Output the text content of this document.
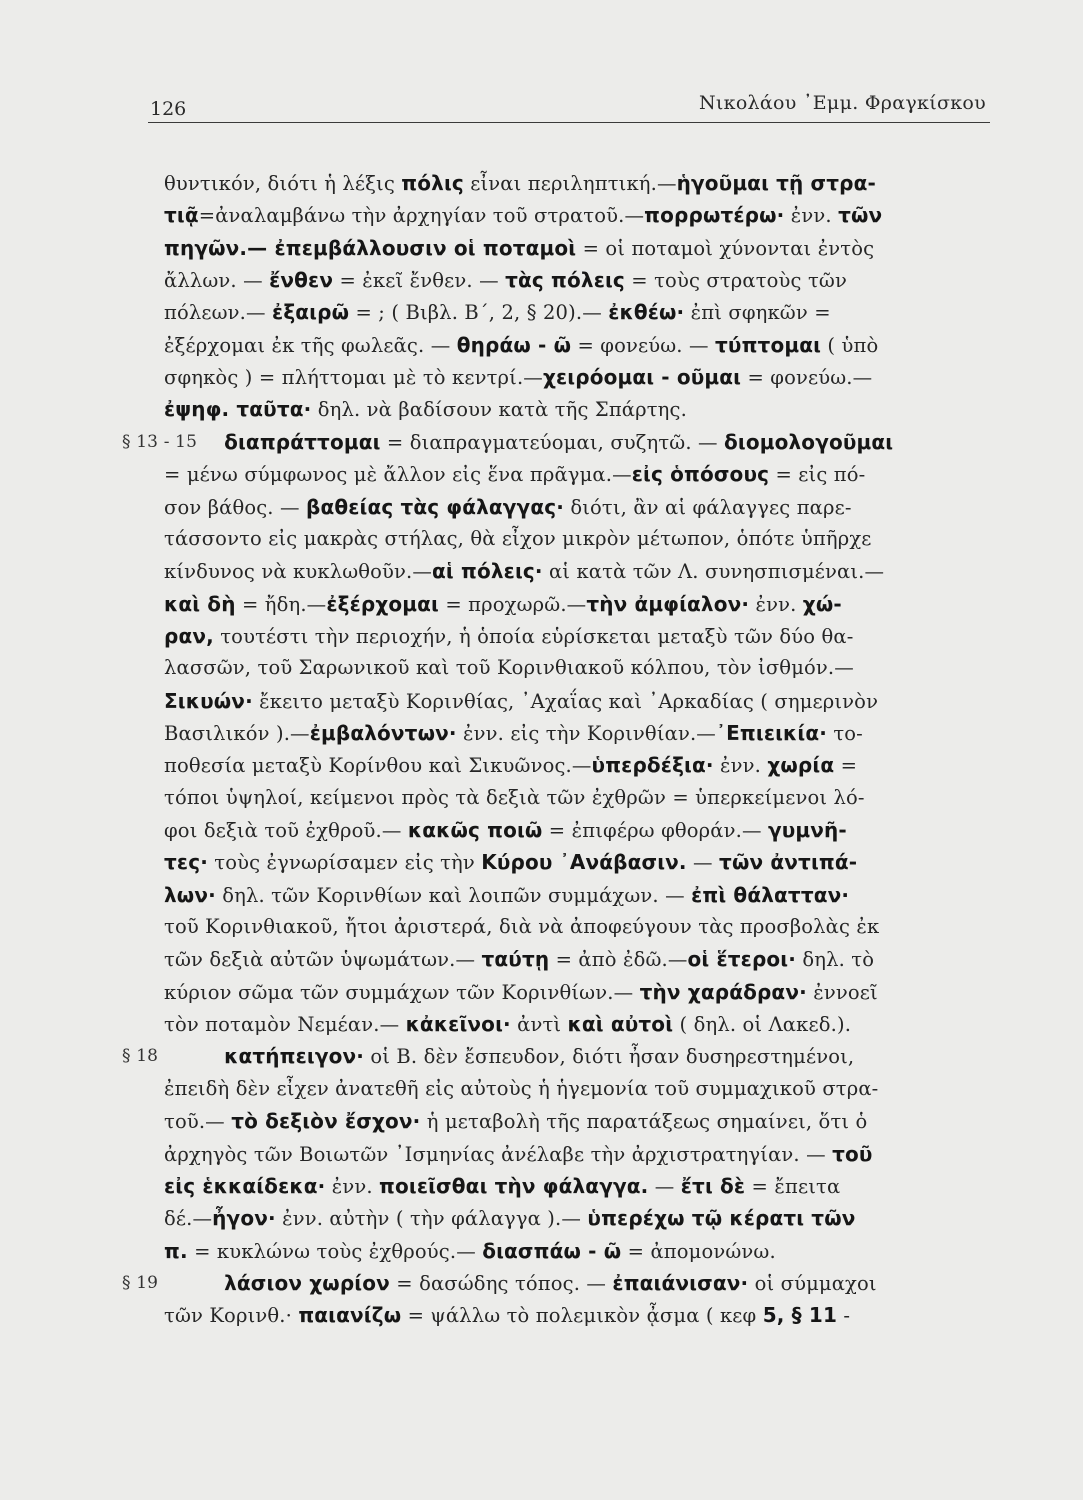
126	Νικολάου ᾿Εμμ. Φραγκίσκου
θυντικόν, διότι ἡ λέξις πόλις εἶναι περιληπτική.—ἡγοῦμαι τῇ στρα-
τιᾷ=ἀναλαμβάνω τὴν ἀρχηγίαν τοῦ στρατοῦ.—πορρωτέρω· ἐνν. τῶν
πηγῶν.— ἐπεμβάλλουσιν οἱ ποταμοὶ = οἱ ποταμοὶ χύνονται ἐντὸς
ἄλλων. — ἔνθεν = ἐκεῖ ἔνθεν. — τὰς πόλεις = τοὺς στρατοὺς τῶν
πόλεων.— ἐξαιρῶ = ; ( Βιβλ. Β΄, 2, § 20).— ἐκθέω· ἐπὶ σφηκῶν =
ἐξέρχομαι ἐκ τῆς φωλεᾶς. — θηράω - ῶ = φονεύω. — τύπτομαι ( ὑπὸ
σφηκὸς ) = πλήττομαι μὲ τὸ κεντρί.—χειρόομαι - οῦμαι = φονεύω.—
ἐψηφ. ταῦτα· δηλ. νὰ βαδίσουν κατὰ τῆς Σπάρτης.
§ 13 - 15 διαπράττομαι = διαπραγματεύομαι, συζητῶ. — διομολογοῦμαι
= μένω σύμφωνος μὲ ἄλλον εἰς ἕνα πρᾶγμα.—εἰς ὁπόσους = εἰς πό-
σον βάθος. — βαθείας τὰς φάλαγγας· διότι, ἂν αἱ φάλαγγες παρε-
τάσσοντο εἰς μακρὰς στήλας, θὰ εἶχον μικρὸν μέτωπον, ὁπότε ὑπῆρχε
κίνδυνος νὰ κυκλωθοῦν.—αἱ πόλεις· αἱ κατὰ τῶν Λ. συνησπισμέναι.—
καὶ δὴ = ἤδη.—ἐξέρχομαι = προχωρῶ.—τὴν ἀμφίαλον· ἐνν. χώ-
ραν, τουτέστι τὴν περιοχήν, ἡ ὁποία εὑρίσκεται μεταξὺ τῶν δύο θα-
λασσῶν, τοῦ Σαρωνικοῦ καὶ τοῦ Κορινθιακοῦ κόλπου, τὸν ἰσθμόν.—
Σικυών· ἔκειτο μεταξὺ Κορινθίας, ᾿Αχαΐας καὶ ᾿Αρκαδίας ( σημερινὸν
Βασιλικόν ).—ἐμβαλόντων· ἐνν. εἰς τὴν Κορινθίαν.—᾿Επιεικία· το-
ποθεσία μεταξὺ Κορίνθου καὶ Σικυῶνος.—ὑπερδέξια· ἐνν. χωρία =
τόποι ὑψηλοί, κείμενοι πρὸς τὰ δεξιὰ τῶν ἐχθρῶν = ὑπερκείμενοι λό-
φοι δεξιὰ τοῦ ἐχθροῦ.— κακῶς ποιῶ = ἐπιφέρω φθοράν.— γυμνῆ-
τες· τοὺς ἐγνωρίσαμεν εἰς τὴν Κύρου ᾿Ανάβασιν. — τῶν ἀντιπά-
λων· δηλ. τῶν Κορινθίων καὶ λοιπῶν συμμάχων. — ἐπὶ θάλατταν·
τοῦ Κορινθιακοῦ, ἤτοι ἀριστερά, διὰ νὰ ἀποφεύγουν τὰς προσβολὰς ἐκ
τῶν δεξιὰ αὐτῶν ὑψωμάτων.— ταύτῃ = ἀπὸ ἐδῶ.—οἱ ἕτεροι· δηλ. τὸ
κύριον σῶμα τῶν συμμάχων τῶν Κορινθίων.— τὴν χαράδραν· ἐννοεῖ
τὸν ποταμὸν Νεμέαν.— κἀκεῖνοι· ἀντὶ καὶ αὐτοὶ ( δηλ. οἱ Λακεδ.).
§ 18	κατήπειγον· οἱ Β. δὲν ἔσπευδον, διότι ἦσαν δυσηρεστημένοι,
ἐπειδὴ δὲν εἶχεν ἀνατεθῆ εἰς αὐτοὺς ἡ ἡγεμονία τοῦ συμμαχικοῦ στρα-
τοῦ.— τὸ δεξιὸν ἔσχον· ἡ μεταβολὴ τῆς παρατάξεως σημαίνει, ὅτι ὁ
ἀρχηγὸς τῶν Βοιωτῶν ᾿Ισμηνίας ἀνέλαβε τὴν ἀρχιστρατηγίαν. — τοῦ
εἰς ἑκκαίδεκα· ἐνν. ποιεῖσθαι τὴν φάλαγγα. — ἔτι δὲ = ἔπειτα
δέ.—ἦγον· ἐνν. αὐτὴν ( τὴν φάλαγγα ).— ὑπερέχω τῷ κέρατι τῶν
π. = κυκλώνω τοὺς ἐχθρούς.— διασπάω - ῶ = ἀπομονώνω.
§ 19	λάσιον χωρίον = δασώδης τόπος. — ἐπαιάνισαν· οἱ σύμμαχοι
τῶν Κορινθ.· παιανίζω = ψάλλω τὸ πολεμικὸν ᾆσμα ( κεφ 5, § 11 -
